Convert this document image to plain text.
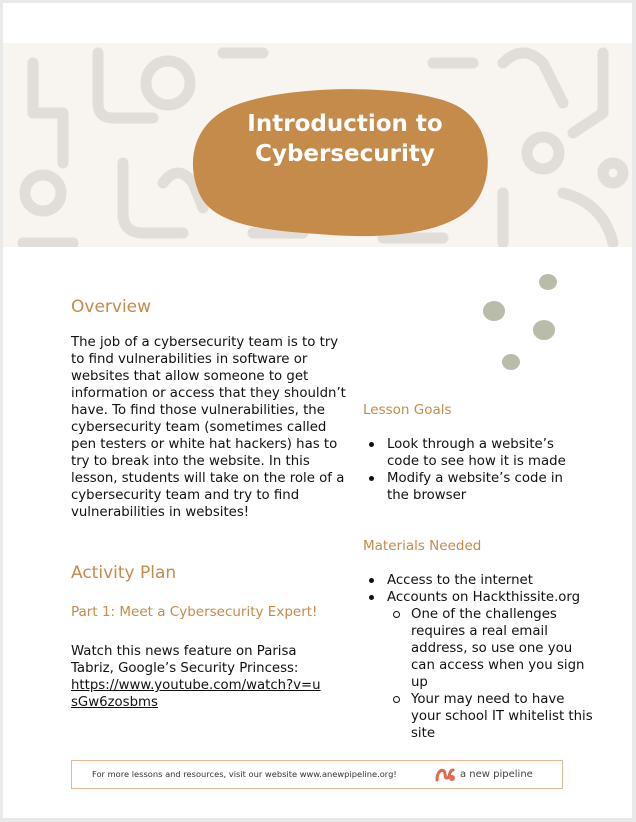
Introduction to
Cybersecurity
Overview
The job of a cybersecurity team is to try to find vulnerabilities in software or websites that allow someone to get information or access that they shouldn’t have. To find those vulnerabilities, the cybersecurity team (sometimes called pen testers or white hat hackers) has to try to break into the website. In this lesson, students will take on the role of a cybersecurity team and try to find vulnerabilities in websites!
Activity Plan
Part 1: Meet a Cybersecurity Expert!
Watch this news feature on Parisa Tabriz, Google’s Security Princess:
https://www.youtube.com/watch?v=usGw6zosbms
Lesson Goals
Look through a website’s code to see how it is made
Modify a website’s code in the browser
Materials Needed
Access to the internet
Accounts on Hackthissite.org
One of the challenges requires a real email address, so use one you can access when you sign up
Your may need to have your school IT whitelist this site
For more lessons and resources, visit our website www.anewpipeline.org!	a new pipeline
